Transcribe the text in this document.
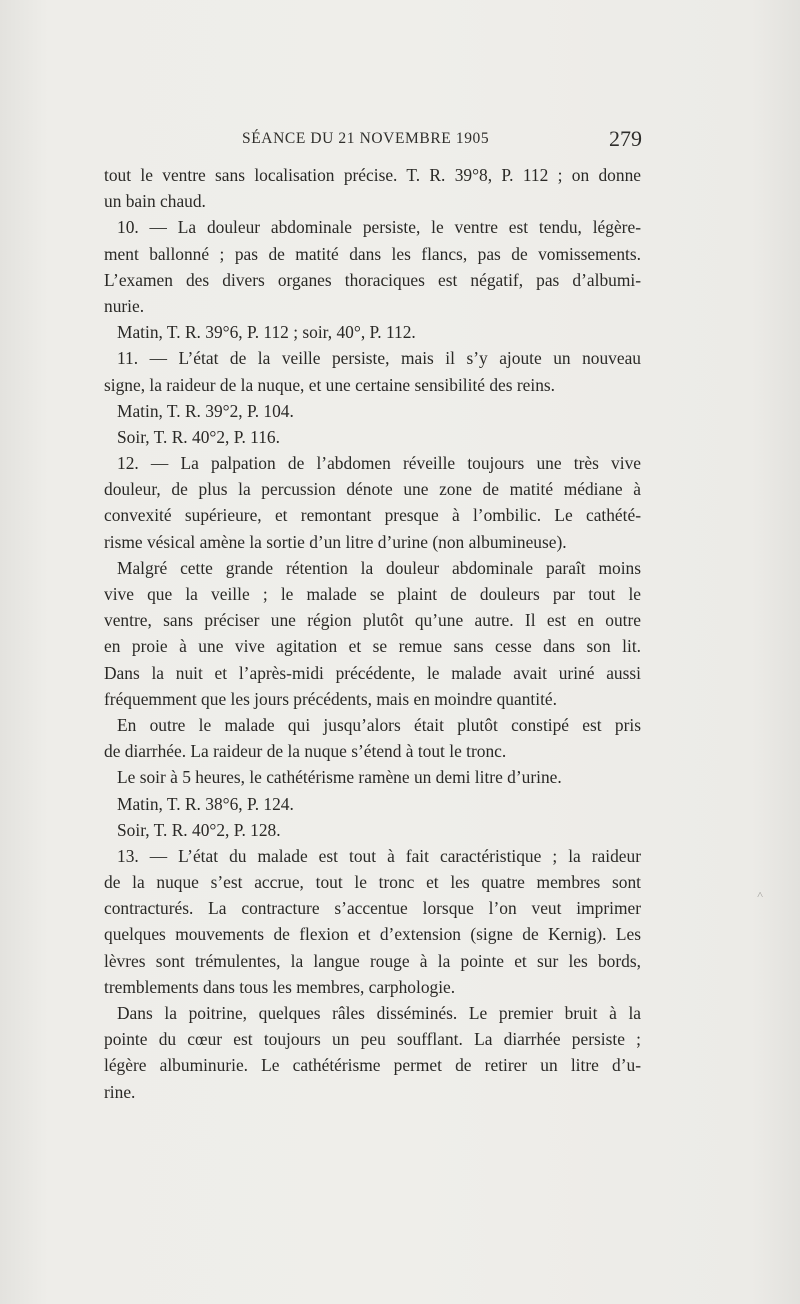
SÉANCE DU 21 NOVEMBRE 1905	279
tout le ventre sans localisation précise. T. R. 39°8, P. 112 ; on donne
un bain chaud.
10. — La douleur abdominale persiste, le ventre est tendu, légère-
ment ballonné ; pas de matité dans les flancs, pas de vomissements.
L’examen des divers organes thoraciques est négatif, pas d’albumi-
nurie.
Matin, T. R. 39°6, P. 112 ; soir, 40°, P. 112.
11. — L’état de la veille persiste, mais il s’y ajoute un nouveau
signe, la raideur de la nuque, et une certaine sensibilité des reins.
Matin, T. R. 39°2, P. 104.
Soir, T. R. 40°2, P. 116.
12. — La palpation de l’abdomen réveille toujours une très vive
douleur, de plus la percussion dénote une zone de matité médiane à
convexité supérieure, et remontant presque à l’ombilic. Le cathété-
risme vésical amène la sortie d’un litre d’urine (non albumineuse).
Malgré cette grande rétention la douleur abdominale paraît moins
vive que la veille ; le malade se plaint de douleurs par tout le
ventre, sans préciser une région plutôt qu’une autre. Il est en outre
en proie à une vive agitation et se remue sans cesse dans son lit.
Dans la nuit et l’après-midi précédente, le malade avait uriné aussi
fréquemment que les jours précédents, mais en moindre quantité.
En outre le malade qui jusqu’alors était plutôt constipé est pris
de diarrhée. La raideur de la nuque s’étend à tout le tronc.
Le soir à 5 heures, le cathétérisme ramène un demi litre d’urine.
Matin, T. R. 38°6, P. 124.
Soir, T. R. 40°2, P. 128.
13. — L’état du malade est tout à fait caractéristique ; la raideur
de la nuque s’est accrue, tout le tronc et les quatre membres sont
contracturés. La contracture s’accentue lorsque l’on veut imprimer
quelques mouvements de flexion et d’extension (signe de Kernig). Les
lèvres sont trémulentes, la langue rouge à la pointe et sur les bords,
tremblements dans tous les membres, carphologie.
Dans la poitrine, quelques râles disséminés. Le premier bruit à la
pointe du cœur est toujours un peu soufflant. La diarrhée persiste ;
légère albuminurie. Le cathétérisme permet de retirer un litre d’u-
rine.
˄
